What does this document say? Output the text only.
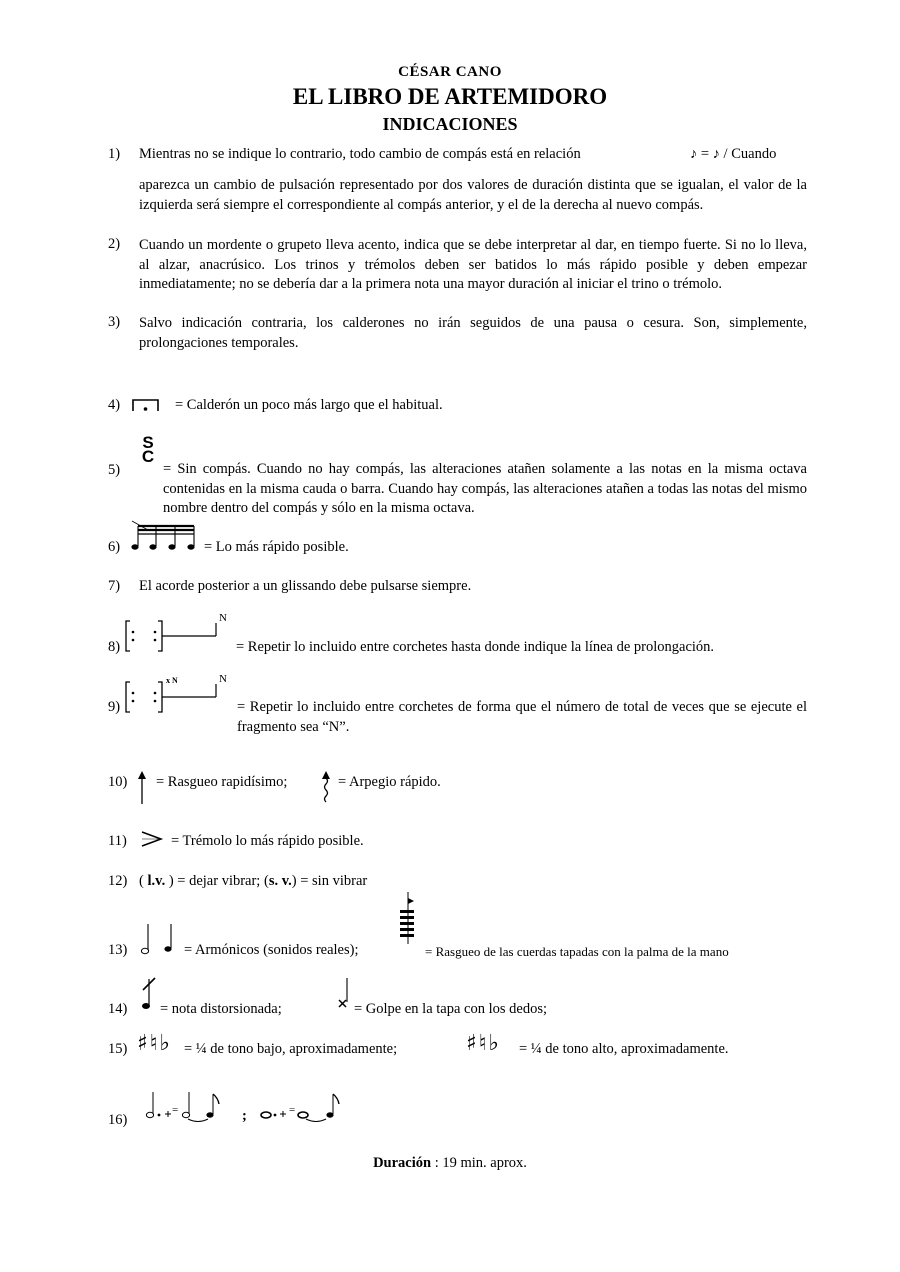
CÉSAR CANO
EL LIBRO DE ARTEMIDORO
INDICACIONES
1) Mientras no se indique lo contrario, todo cambio de compás está en relación	♪ = ♪ / Cuando
aparezca un cambio de pulsación representado por dos valores de duración distinta que se igualan, el valor de la izquierda será siempre el correspondiente al compás anterior, y el de la derecha al nuevo compás.
2) Cuando un mordente o grupeto lleva acento, indica que se debe interpretar al dar, en tiempo fuerte. Si no lo lleva, al alzar, anacrúsico. Los trinos y trémolos deben ser batidos lo más rápido posible y deben empezar inmediatamente; no se debería dar a la primera nota una mayor duración al iniciar el trino o trémolo.
3) Salvo indicación contraria, los calderones no irán seguidos de una pausa o cesura. Son, simplemente, prolongaciones temporales.
4)	= Calderón un poco más largo que el habitual.
5)
S
C
= Sin compás. Cuando no hay compás, las alteraciones atañen solamente a las notas en la misma octava contenidas en la misma cauda o barra. Cuando hay compás, las alteraciones atañen a todas las notas del mismo nombre dentro del compás y sólo en la misma octava.
6)	= Lo más rápido posible.
7) El acorde posterior a un glissando debe pulsarse siempre.
8)
N
= Repetir lo incluido entre corchetes hasta donde indique la línea de prolongación.
9)
x N	N
= Repetir lo incluido entre corchetes de forma que el número de total de veces que se ejecute el fragmento sea “N”.
10) = Rasgueo rapidísimo;	= Arpegio rápido.
11)	= Trémolo lo más rápido posible.
12) ( l.v. ) = dejar vibrar; (s. v.) = sin vibrar
13)	= Armónicos (sonidos reales);	= Rasgueo de las cuerdas tapadas con la palma de la mano
14) = nota distorsionada;	= Golpe en la tapa con los dedos;
15) ♯♮♭ = ¼ de tono bajo, aproximadamente;	♯♮♭ = ¼ de tono alto, aproximadamente.
16)
=	;	=
Duración : 19 min. aprox.
